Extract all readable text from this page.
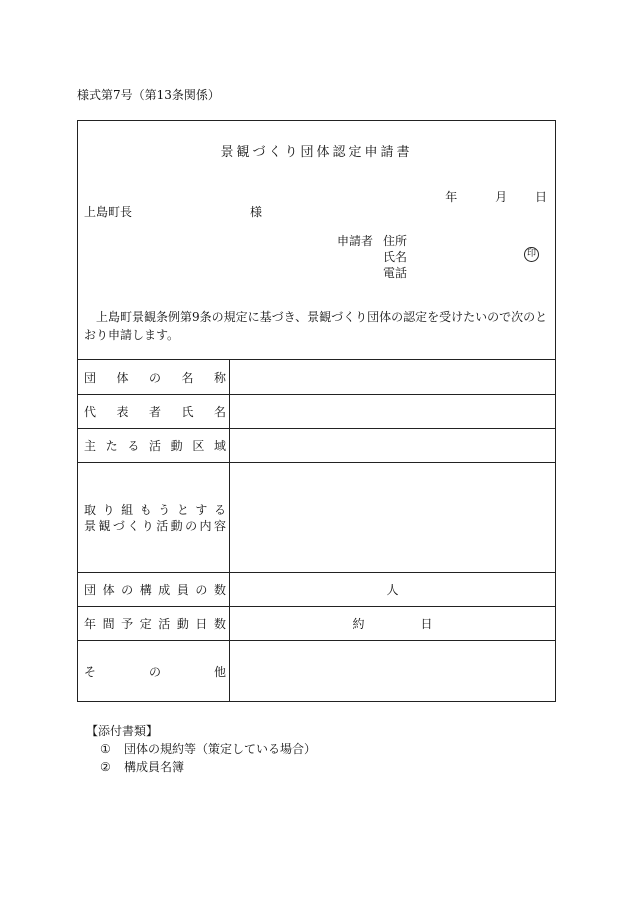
様式第7号（第13条関係）
景観づくり団体認定申請書
年	月 日
上島町長	様
申請者 住所
氏名
電話
印
上島町景観条例第9条の規定に基づき、景観づくり団体の認定を受けたいので次のとおり申請します。
団体の名称
代表者氏名
主たる活動区域
取り組もうとする
景観づくり活動の内容
団体の構成員の数	人
年間予定活動日数	約	日
その他
【添付書類】
① 団体の規約等（策定している場合）
② 構成員名簿
